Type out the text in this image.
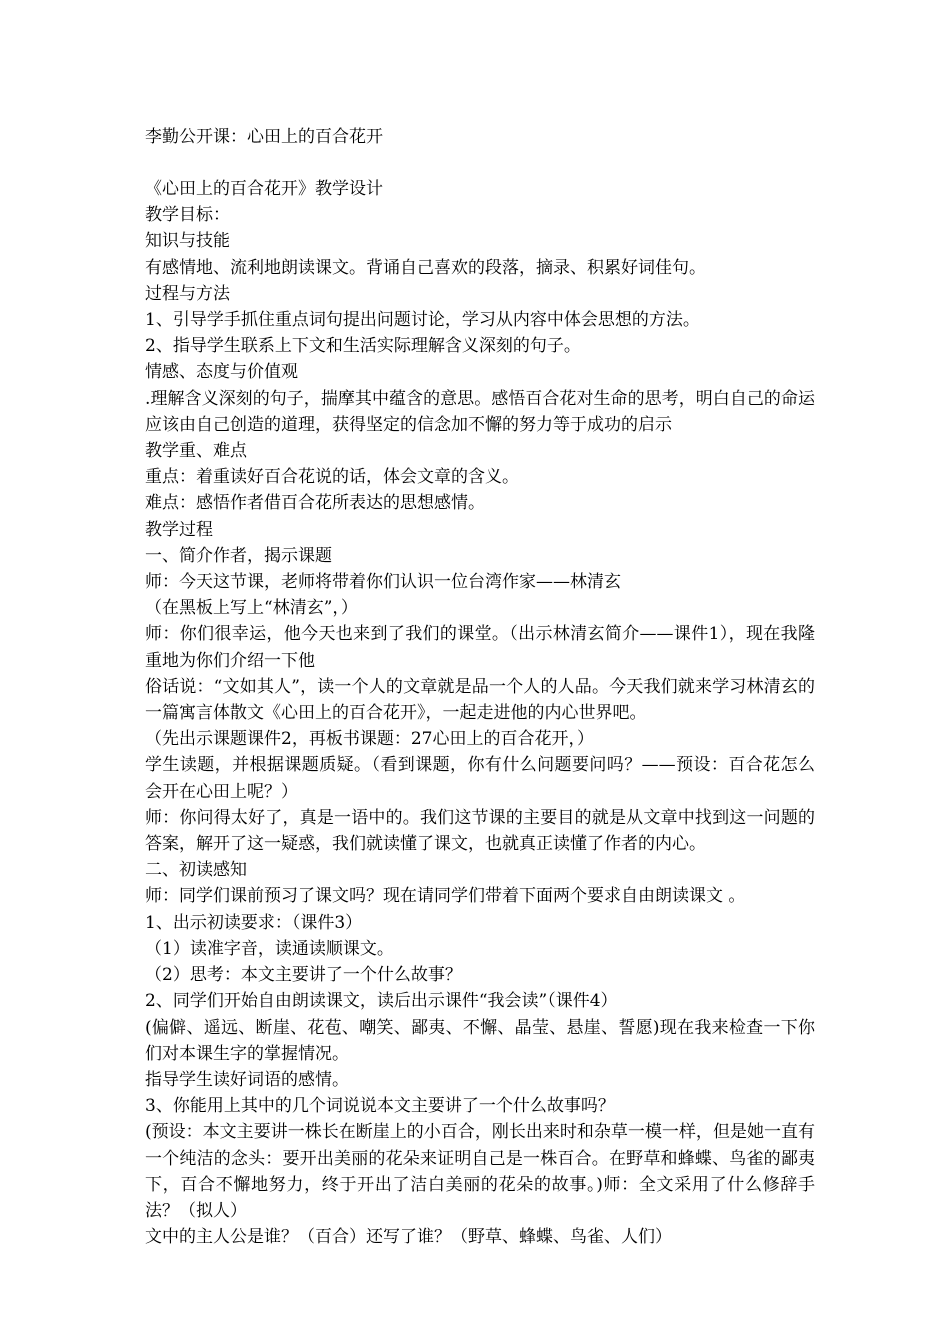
李勤公开课：心田上的百合花开

《心田上的百合花开》教学设计

教学目标：

知识与技能

有感情地、流利地朗读课文。背诵自己喜欢的段落，摘录、积累好词佳句。

过程与方法

1、引导学手抓住重点词句提出问题讨论，学习从内容中体会思想的方法。

2、指导学生联系上下文和生活实际理解含义深刻的句子。

情感、态度与价值观

.理解含义深刻的句子，揣摩其中蕴含的意思。感悟百合花对生命的思考，明白自己的命运应该由自己创造的道理，获得坚定的信念加不懈的努力等于成功的启示

教学重、难点

重点：着重读好百合花说的话，体会文章的含义。

难点：感悟作者借百合花所表达的思想感情。

教学过程

一、简介作者，揭示课题

师：今天这节课，老师将带着你们认识一位台湾作家——林清玄

（在黑板上写上“林清玄”，）

师：你们很幸运，他今天也来到了我们的课堂。（出示林清玄简介——课件1），现在我隆重地为你们介绍一下他

俗话说：“文如其人”，读一个人的文章就是品一个人的人品。今天我们就来学习林清玄的一篇寓言体散文《心田上的百合花开》，一起走进他的内心世界吧。

（先出示课题课件2，再板书课题：27心田上的百合花开，）

学生读题，并根据课题质疑。（看到课题，你有什么问题要问吗？——预设：百合花怎么会开在心田上呢？）

师：你问得太好了，真是一语中的。我们这节课的主要目的就是从文章中找到这一问题的答案，解开了这一疑惑，我们就读懂了课文，也就真正读懂了作者的内心。

二、初读感知

师：同学们课前预习了课文吗？现在请同学们带着下面两个要求自由朗读课文 。

1、出示初读要求：（课件3）

（1）读准字音，读通读顺课文。

（2）思考：本文主要讲了一个什么故事？

2、同学们开始自由朗读课文，读后出示课件“我会读”（课件4）

(偏僻、遥远、断崖、花苞、嘲笑、鄙夷、不懈、晶莹、悬崖、誓愿)现在我来检查一下你们对本课生字的掌握情况。

指导学生读好词语的感情。

3、你能用上其中的几个词说说本文主要讲了一个什么故事吗？

(预设：本文主要讲一株长在断崖上的小百合，刚长出来时和杂草一模一样，但是她一直有一个纯洁的念头：要开出美丽的花朵来证明自己是一株百合。在野草和蜂蝶、鸟雀的鄙夷下，百合不懈地努力，终于开出了洁白美丽的花朵的故事。)师：全文采用了什么修辞手法？（拟人）

文中的主人公是谁？（百合）还写了谁？（野草、蜂蝶、鸟雀、人们）
